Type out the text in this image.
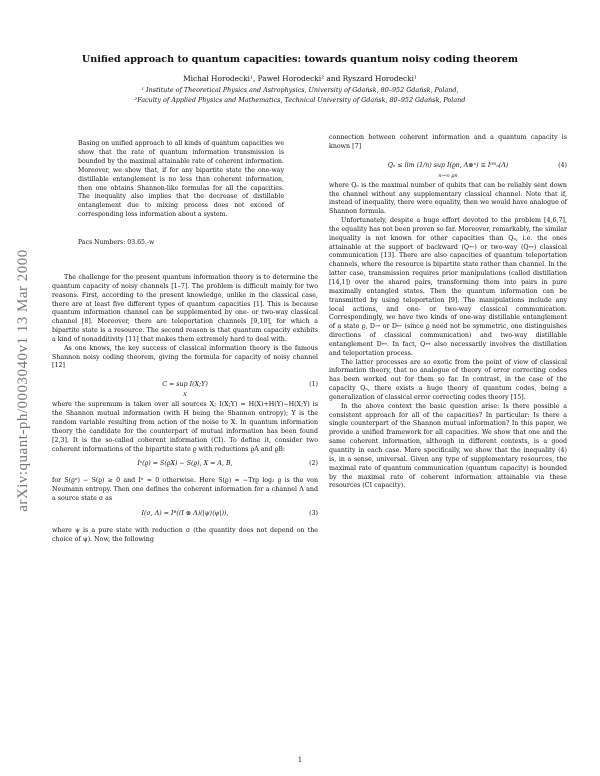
arXiv:quant-ph/0003040v1 13 Mar 2000
Unified approach to quantum capacities: towards quantum noisy coding theorem
Michał Horodecki¹, Paweł Horodecki² and Ryszard Horodecki¹
¹ Institute of Theoretical Physics and Astrophysics, University of Gdańsk, 80–952 Gdańsk, Poland,
²Faculty of Applied Physics and Mathematics, Technical University of Gdańsk, 80–952 Gdańsk, Poland
Basing on unified approach to all kinds of quantum capacities we show that the rate of quantum information transmission is bounded by the maximal attainable rate of coherent information. Moreover, we show that, if for any bipartite state the one-way distillable entanglement is no less than coherent information, then one obtains Shannon-like formulas for all the capacities. The inequality also implies that the decrease of distillable entanglement due to mixing process does not exceed of corresponding loss information about a system.
Pacs Numbers: 03.65.-w

The challenge for the present quantum information theory is to determine the quantum capacity of noisy channels [1–7]. The problem is difficult mainly for two reasons. First, according to the present knowledge, unlike in the classical case, there are at least five different types of quantum capacities [1]. This is because quantum information channel can be supplemented by one- or two-way classical channel [8]. Moreover, there are teleportation channels [9,10], for which a bipartite state is a resource. The second reason is that quantum capacity exhibits a kind of nonadditivity [11] that makes them extremely hard to deal with.

As one knows, the key success of classical information theory is the famous Shannon noisy coding theorem, giving the formula for capacity of noisy channel [12]

C = sup I(X;Y)
X
(1)

where the supremum is taken over all sources X; I(X;Y) = H(X)+H(Y)−H(X;Y) is the Shannon mutual information (with H being the Shannon entropy); Y is the random variable resulting from action of the noise to X. In quantum information theory the candidate for the counterpart of mutual information has been found [2,3]. It is the so-called coherent information (CI). To define it, consider two coherent informations of the bipartite state ϱ with reductions ϱA and ϱB:

Iˣ(ϱ) = S(ϱX) − S(ϱ), X = A, B,	(2)

for S(ϱˣ) − S(ϱ) ≥ 0 and Iˣ = 0 otherwise. Here S(ϱ) = −Trϱ log₂ ϱ is the von Neumann entropy. Then one defines the coherent information for a channel Λ and a source state σ as

I(σ, Λ) = Iᴮ((I ⊗ Λ)(|ψ⟩⟨ψ|)),	(3)

where ψ is a pure state with reduction σ (the quantity does not depend on the choice of ψ). Now, the following

connection between coherent information and a quantum capacity is known [7]

Qₒ ≤ lim (1/n) sup I(ϱn, Λ⊗ⁿ) ≡ I⁽ᴮ⁾ₒ(Λ)
n→∞ ϱn
(4)

where Qₒ is the maximal number of qubits that can be reliably sent down the channel without any supplementary classical channel. Note that if, instead of inequality, there were equality, then we would have analogue of Shannon formula.

Unfortunately, despite a huge effort devoted to the problem [4,6,7], the equality has not been proven so far. Moreover, remarkably, the similar inequality is not known for other capacities than Qₒ, i.e. the ones attainable at the support of backward (Q←) or two-way (Q↔) classical communication [13]. There are also capacities of quantum teleportation channels, where the resource is bipartite state rather than channel. In the latter case, transmission requires prior manipulations (called distillation [14,1]) over the shared pairs, transforming them into pairs in pure maximally entangled states. Then the quantum information can be transmitted by using teleportation [9]. The manipulations include any local actions, and one- or two-way classical communication. Correspondingly, we have two kinds of one-way distillable entanglement of a state ϱ, D→ or D← (since ϱ need not be symmetric, one distinguishes directions of classical communication) and two-way distillable entanglement D↔. In fact, Q↔ also necessarily involves the distillation and teleportation process.

The latter processes are so exotic from the point of view of classical information theory, that no analogue of theory of error correcting codes has been worked out for them so far. In contrast, in the case of the capacity Qₒ, there exists a huge theory of quantum codes, being a generalization of classical error correcting codes theory [15].

In the above context the basic question arise: Is there possible a consistent approach for all of the capacities? In particular: Is there a single counterpart of the Shannon mutual information? In this paper, we provide a unified framework for all capacities. We show that one and the same coherent information, although in different contexts, is a good quantity in each case. More specifically, we show that the inequality (4) is, in a sense, universal. Given any type of supplementary resources, the maximal rate of quantum communication (quantum capacity) is bounded by the maximal rate of coherent information attainable via these resources (CI capacity).

1
